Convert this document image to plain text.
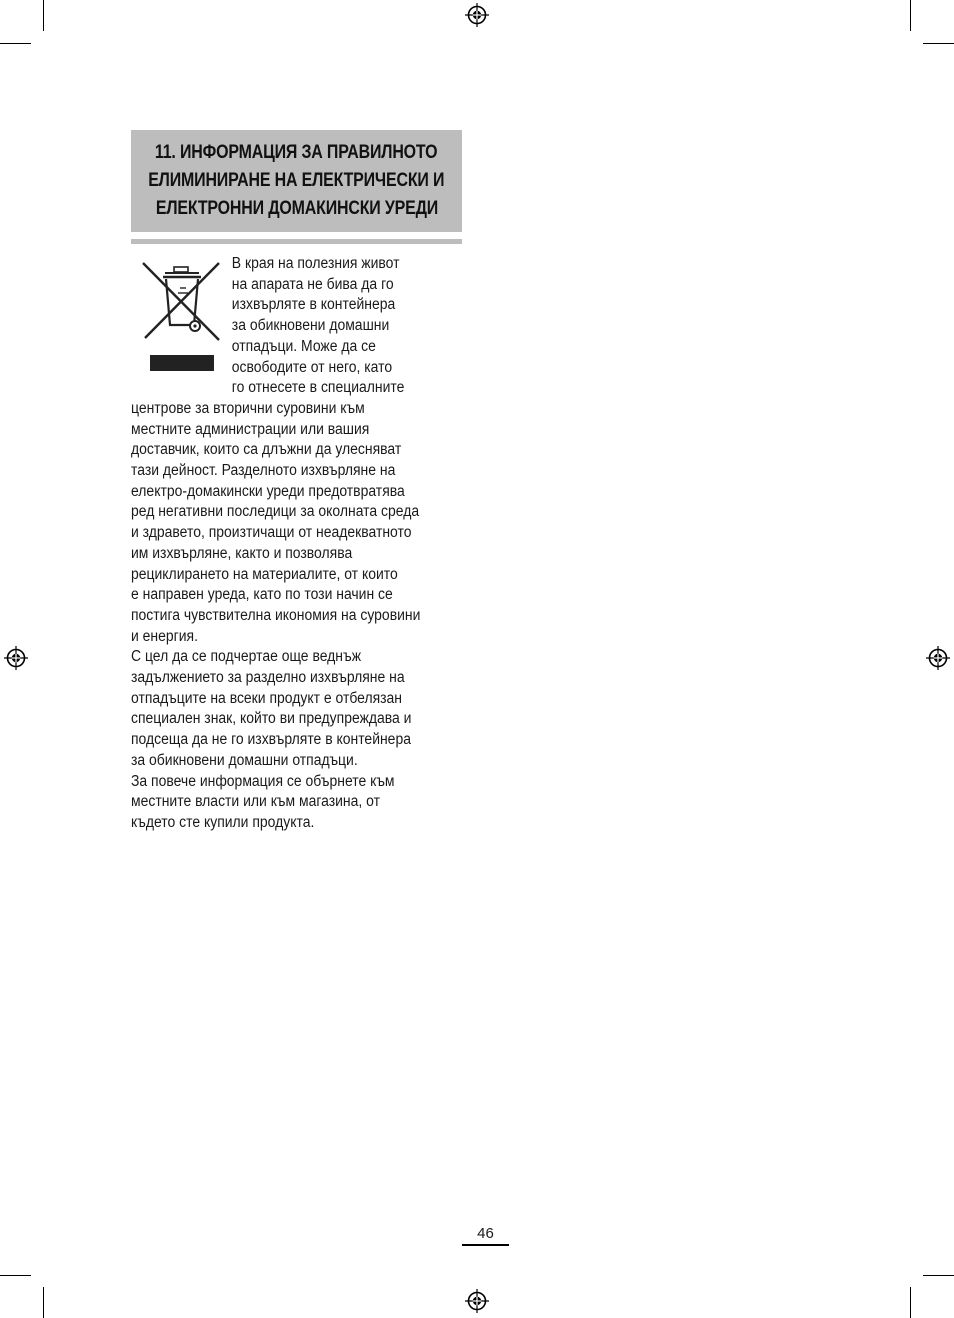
11. ИНФОРМАЦИЯ ЗА ПРАВИЛНОТО
ЕЛИМИНИРАНЕ НА ЕЛЕКТРИЧЕСКИ И
ЕЛЕКТРОННИ ДОМАКИНСКИ УРЕДИ
В края на полезния живот
на апарата не бива да го
изхвърляте в контейнера
за обикновени домашни
отпадъци. Може да се
освободите от него, като
го отнесете в специалните
центрове за вторични суровини към
местните администрации или вашия
доставчик, които са длъжни да улесняват
тази дейност. Разделното изхвърляне на
електро-домакински уреди предотвратява
ред негативни последици за околната среда
и здравето, произтичащи от неадекватното
им изхвърляне, както и позволява
рециклирането на материалите, от които
е направен уреда, като по този начин се
постига чувствителна икономия на суровини
и енергия.
С цел да се подчертае още веднъж
задължението за разделно изхвърляне на
отпадъците на всеки продукт е отбелязан
специален знак, който ви предупреждава и
подсеща да не го изхвърляте в контейнера
за обикновени домашни отпадъци.
За повече информация се обърнете към
местните власти или към магазина, от
където сте купили продукта.
46
